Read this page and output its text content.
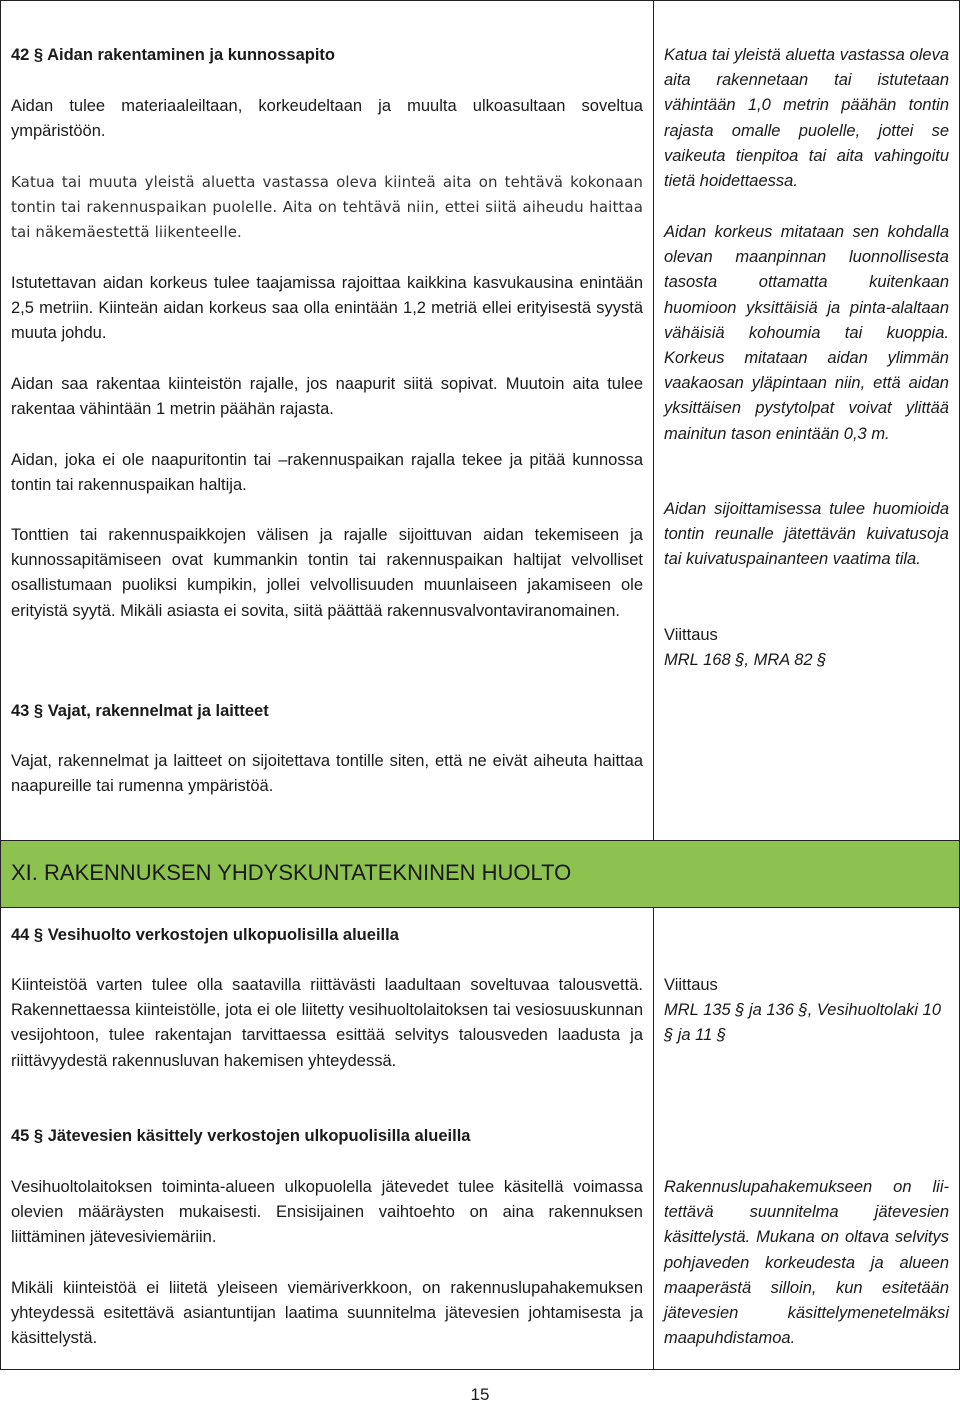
42 § Aidan rakentaminen ja kunnossapito

Aidan tulee materiaaleiltaan, korkeudeltaan ja muulta ulkoasultaan soveltua ympäristöön.

Katua tai muuta yleistä aluetta vastassa oleva kiinteä aita on tehtävä kokonaan tontin tai rakennuspaikan puolelle. Aita on tehtävä niin, ettei siitä aiheudu haittaa tai näkemäestettä liikenteelle.

Istutettavan aidan korkeus tulee taajamissa rajoittaa kaikkina kasvukausina enintään 2,5 metriin. Kiinteän aidan korkeus saa olla enintään 1,2 metriä ellei erityisestä syystä muuta johdu.

Aidan saa rakentaa kiinteistön rajalle, jos naapurit siitä sopivat. Muutoin aita tulee rakentaa vähintään 1 metrin päähän rajasta.

Aidan, joka ei ole naapuritontin tai –rakennuspaikan rajalla tekee ja pitää kunnossa tontin tai rakennuspaikan haltija.

Tonttien tai rakennuspaikkojen välisen ja rajalle sijoittuvan aidan tekemiseen ja kunnossapitämiseen ovat kummankin tontin tai rakennuspaikan haltijat velvolliset osallistumaan puoliksi kumpikin, jollei velvollisuuden muunlaiseen jakamiseen ole erityistä syytä. Mikäli asiasta ei sovita, siitä päättää rakennusvalvontaviranomainen.

Katua tai yleistä aluetta vastassa oleva aita rakennetaan tai istutetaan vähintään 1,0 metrin päähän tontin rajasta omalle puolelle, jottei se vaikeuta tienpitoa tai aita vahingoitu tietä hoidettaessa.

Aidan korkeus mitataan sen kohdalla olevan maanpinnan luonnollisesta tasosta ottamatta kuitenkaan huomioon yksittäisiä ja pinta-alaltaan vähäisiä kohoumia tai kuoppia. Korkeus mitataan aidan ylimmän vaakaosan yläpintaan niin, että aidan yksittäisen pystytolpat voivat ylittää mainitun tason enintään 0,3 m.

Aidan sijoittamisessa tulee huomioida tontin reunalle jätettävän kuivatusoja tai kuivatuspainanteen vaatima tila.

Viittaus

MRL 168 §, MRA 82 §

43 § Vajat, rakennelmat ja laitteet

Vajat, rakennelmat ja laitteet on sijoitettava tontille siten, että ne eivät aiheuta haittaa naapureille tai rumenna ympäristöä.

XI. RAKENNUKSEN YHDYSKUNTATEKNINEN HUOLTO

44 § Vesihuolto verkostojen ulkopuolisilla alueilla

Kiinteistöä varten tulee olla saatavilla riittävästi laadultaan soveltuvaa talousvettä. Rakennettaessa kiinteistölle, jota ei ole liitetty vesihuoltolaitoksen tai vesiosuuskunnan vesijohtoon, tulee rakentajan tarvittaessa esittää selvitys talousveden laadusta ja riittävyydestä rakennusluvan hakemisen yhteydessä.

Viittaus

MRL 135 § ja 136 §, Vesihuoltolaki 10 § ja 11 §

45 § Jätevesien käsittely verkostojen ulkopuolisilla alueilla

Vesihuoltolaitoksen toiminta-alueen ulkopuolella jätevedet tulee käsitellä voimassa olevien määräysten mukaisesti. Ensisijainen vaihtoehto on aina rakennuksen liittäminen jätevesiviemäriin.

Mikäli kiinteistöä ei liitetä yleiseen viemäriverkkoon, on rakennuslupahakemuksen yhteydessä esitettävä asiantuntijan laatima suunnitelma jätevesien johtamisesta ja käsittelystä.

Rakennuslupahakemukseen on liitettävä suunnitelma jätevesien käsittelystä. Mukana on oltava selvitys pohjaveden korkeudesta ja alueen maaperästä silloin, kun esitetään jätevesien käsittelymenetelmäksi maapuhdistamoa.

15
